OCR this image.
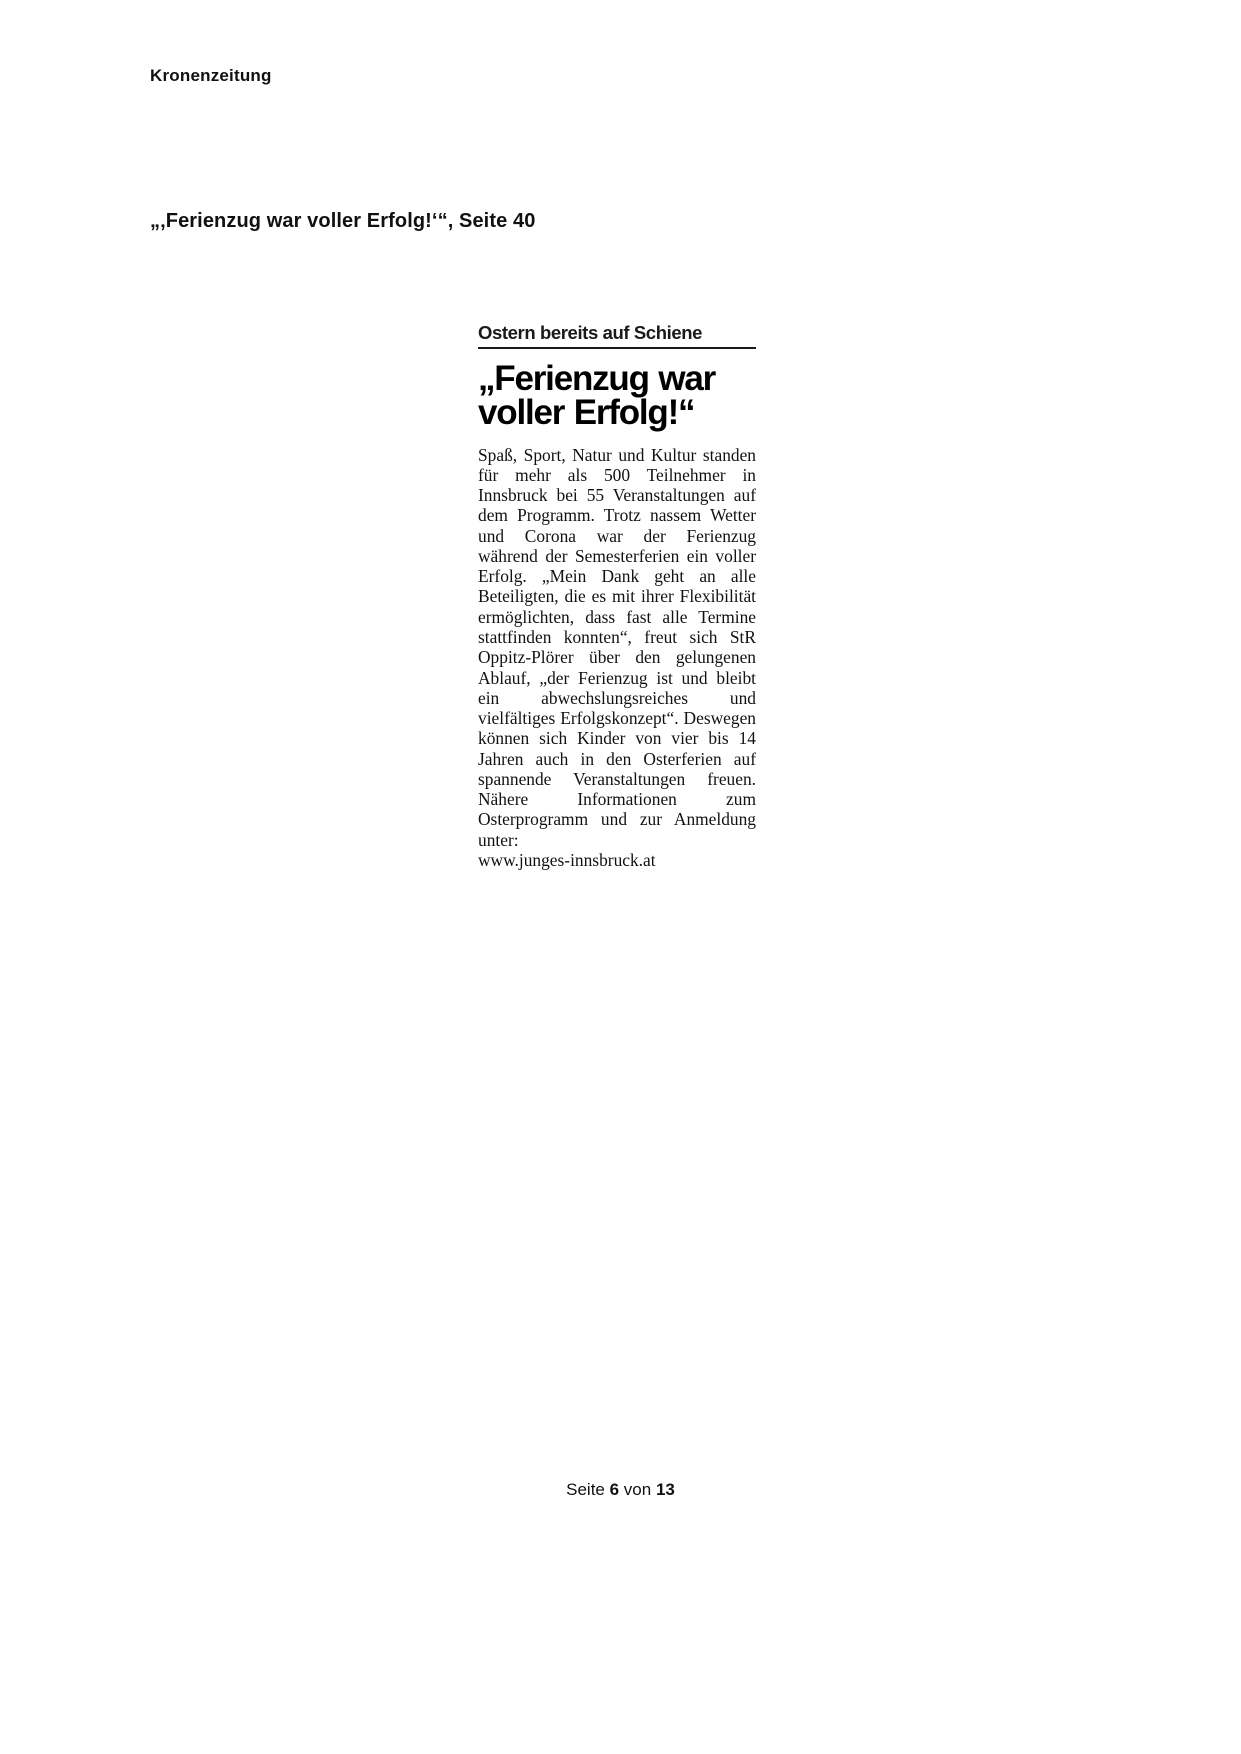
Kronenzeitung
„‚Ferienzug war voller Erfolg!‘“, Seite 40
Ostern bereits auf Schiene
„Ferienzug war
voller Erfolg!“

Spaß, Sport, Natur und Kultur standen für mehr als 500 Teilnehmer in Innsbruck bei 55 Veranstaltungen auf dem Programm. Trotz nassem Wetter und Corona war der Ferienzug während der Semesterferien ein voller Erfolg. „Mein Dank geht an alle Beteiligten, die es mit ihrer Flexibilität ermöglichten, dass fast alle Termine stattfinden konnten“, freut sich StR Oppitz-Plörer über den gelungenen Ablauf, „der Ferienzug ist und bleibt ein abwechslungsreiches und vielfältiges Erfolgskonzept“. Deswegen können sich Kinder von vier bis 14 Jahren auch in den Osterferien auf spannende Veranstaltungen freuen. Nähere Informationen zum Osterprogramm und zur Anmeldung unter:

www.junges-innsbruck.at

Seite 6 von 13
